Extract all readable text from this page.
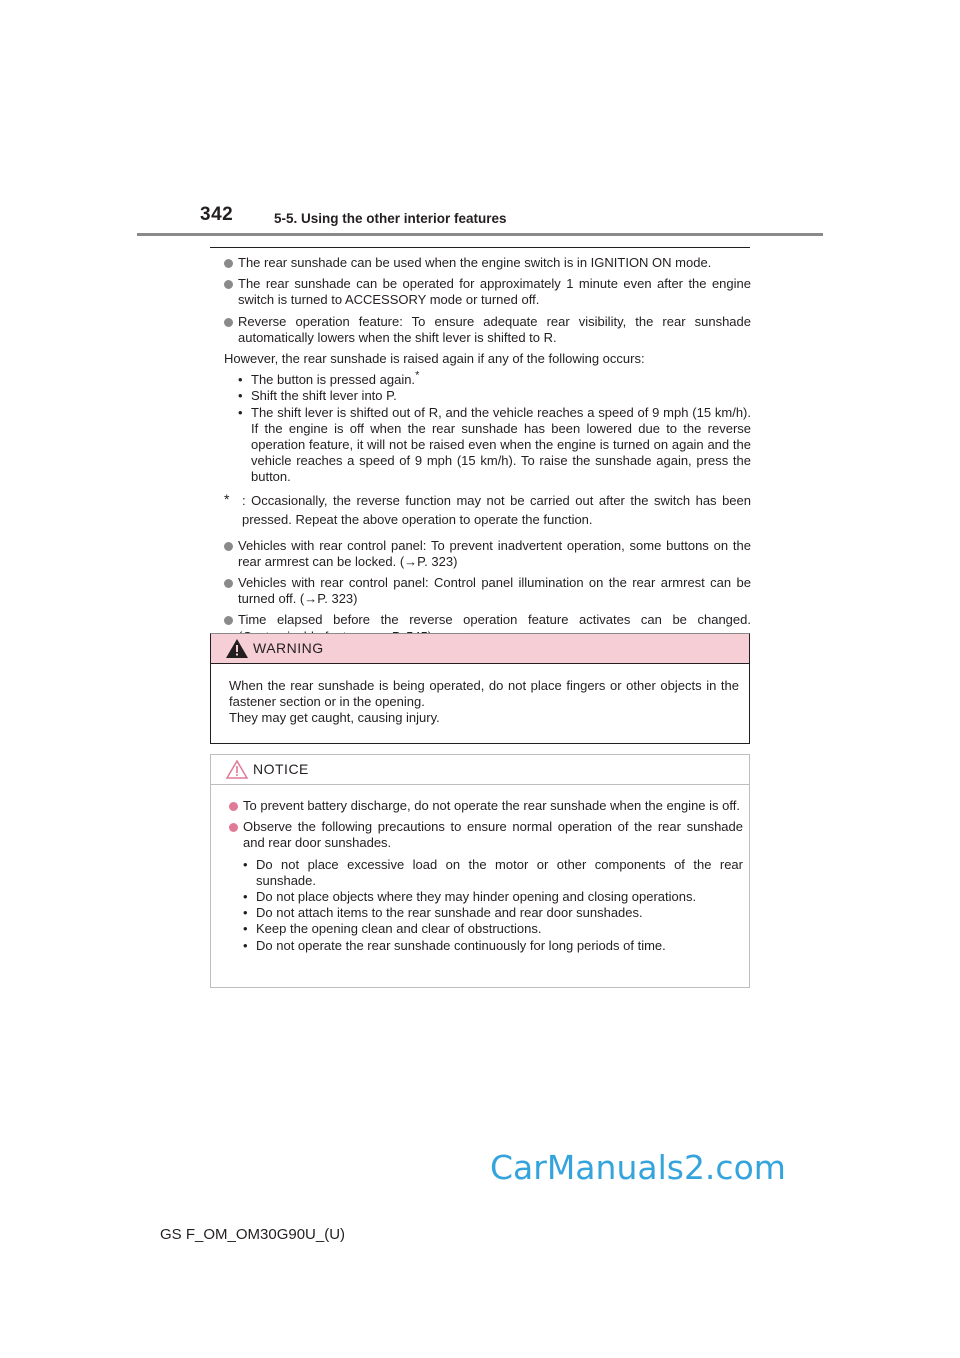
342	5-5. Using the other interior features
The rear sunshade can be used when the engine switch is in IGNITION ON mode.
The rear sunshade can be operated for approximately 1 minute even after the engine switch is turned to ACCESSORY mode or turned off.
Reverse operation feature: To ensure adequate rear visibility, the rear sunshade automatically lowers when the shift lever is shifted to R.

However, the rear sunshade is raised again if any of the following occurs:

• The button is pressed again.*
• Shift the shift lever into P.
• The shift lever is shifted out of R, and the vehicle reaches a speed of 9 mph (15 km/h). If the engine is off when the rear sunshade has been lowered due to the reverse operation feature, it will not be raised even when the engine is turned on again and the vehicle reaches a speed of 9 mph (15 km/h). To raise the sunshade again, press the button.
* : Occasionally, the reverse function may not be carried out after the switch has been pressed. Repeat the above operation to operate the function.
Vehicles with rear control panel: To prevent inadvertent operation, some buttons on the rear armrest can be locked. (→P. 323)
Vehicles with rear control panel: Control panel illumination on the rear armrest can be turned off. (→P. 323)
Time elapsed before the reverse operation feature activates can be changed.
WARNING
When the rear sunshade is being operated, do not place fingers or other objects in the fastener section or in the opening.
They may get caught, causing injury.
NOTICE
To prevent battery discharge, do not operate the rear sunshade when the engine is off.
Observe the following precautions to ensure normal operation of the rear sunshade and rear door sunshades.
• Do not place excessive load on the motor or other components of the rear sunshade.
• Do not place objects where they may hinder opening and closing operations.
• Do not attach items to the rear sunshade and rear door sunshades.
• Keep the opening clean and clear of obstructions.
• Do not operate the rear sunshade continuously for long periods of time.
CarManuals2.com
GS F_OM_OM30G90U_(U)
